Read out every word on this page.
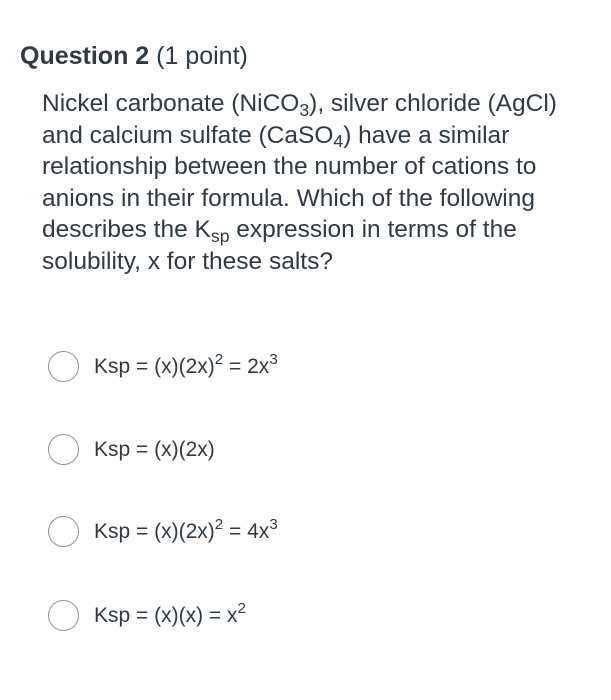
Question 2 (1 point)
Nickel carbonate (NiCO$_3$), silver chloride (AgCl)
and calcium sulfate (CaSO$_4$) have a similar
relationship between the number of cations to
anions in their formula. Which of the following
describes the $K_{sp}$ expression in terms of the
solubility, x for these salts?
Ksp = $(x)(2x)^2 = 2x^3$
Ksp = (x)(2x)
Ksp = $(x)(2x)^2 = 4x^3$
Ksp = $(x)(x) = x^2$
